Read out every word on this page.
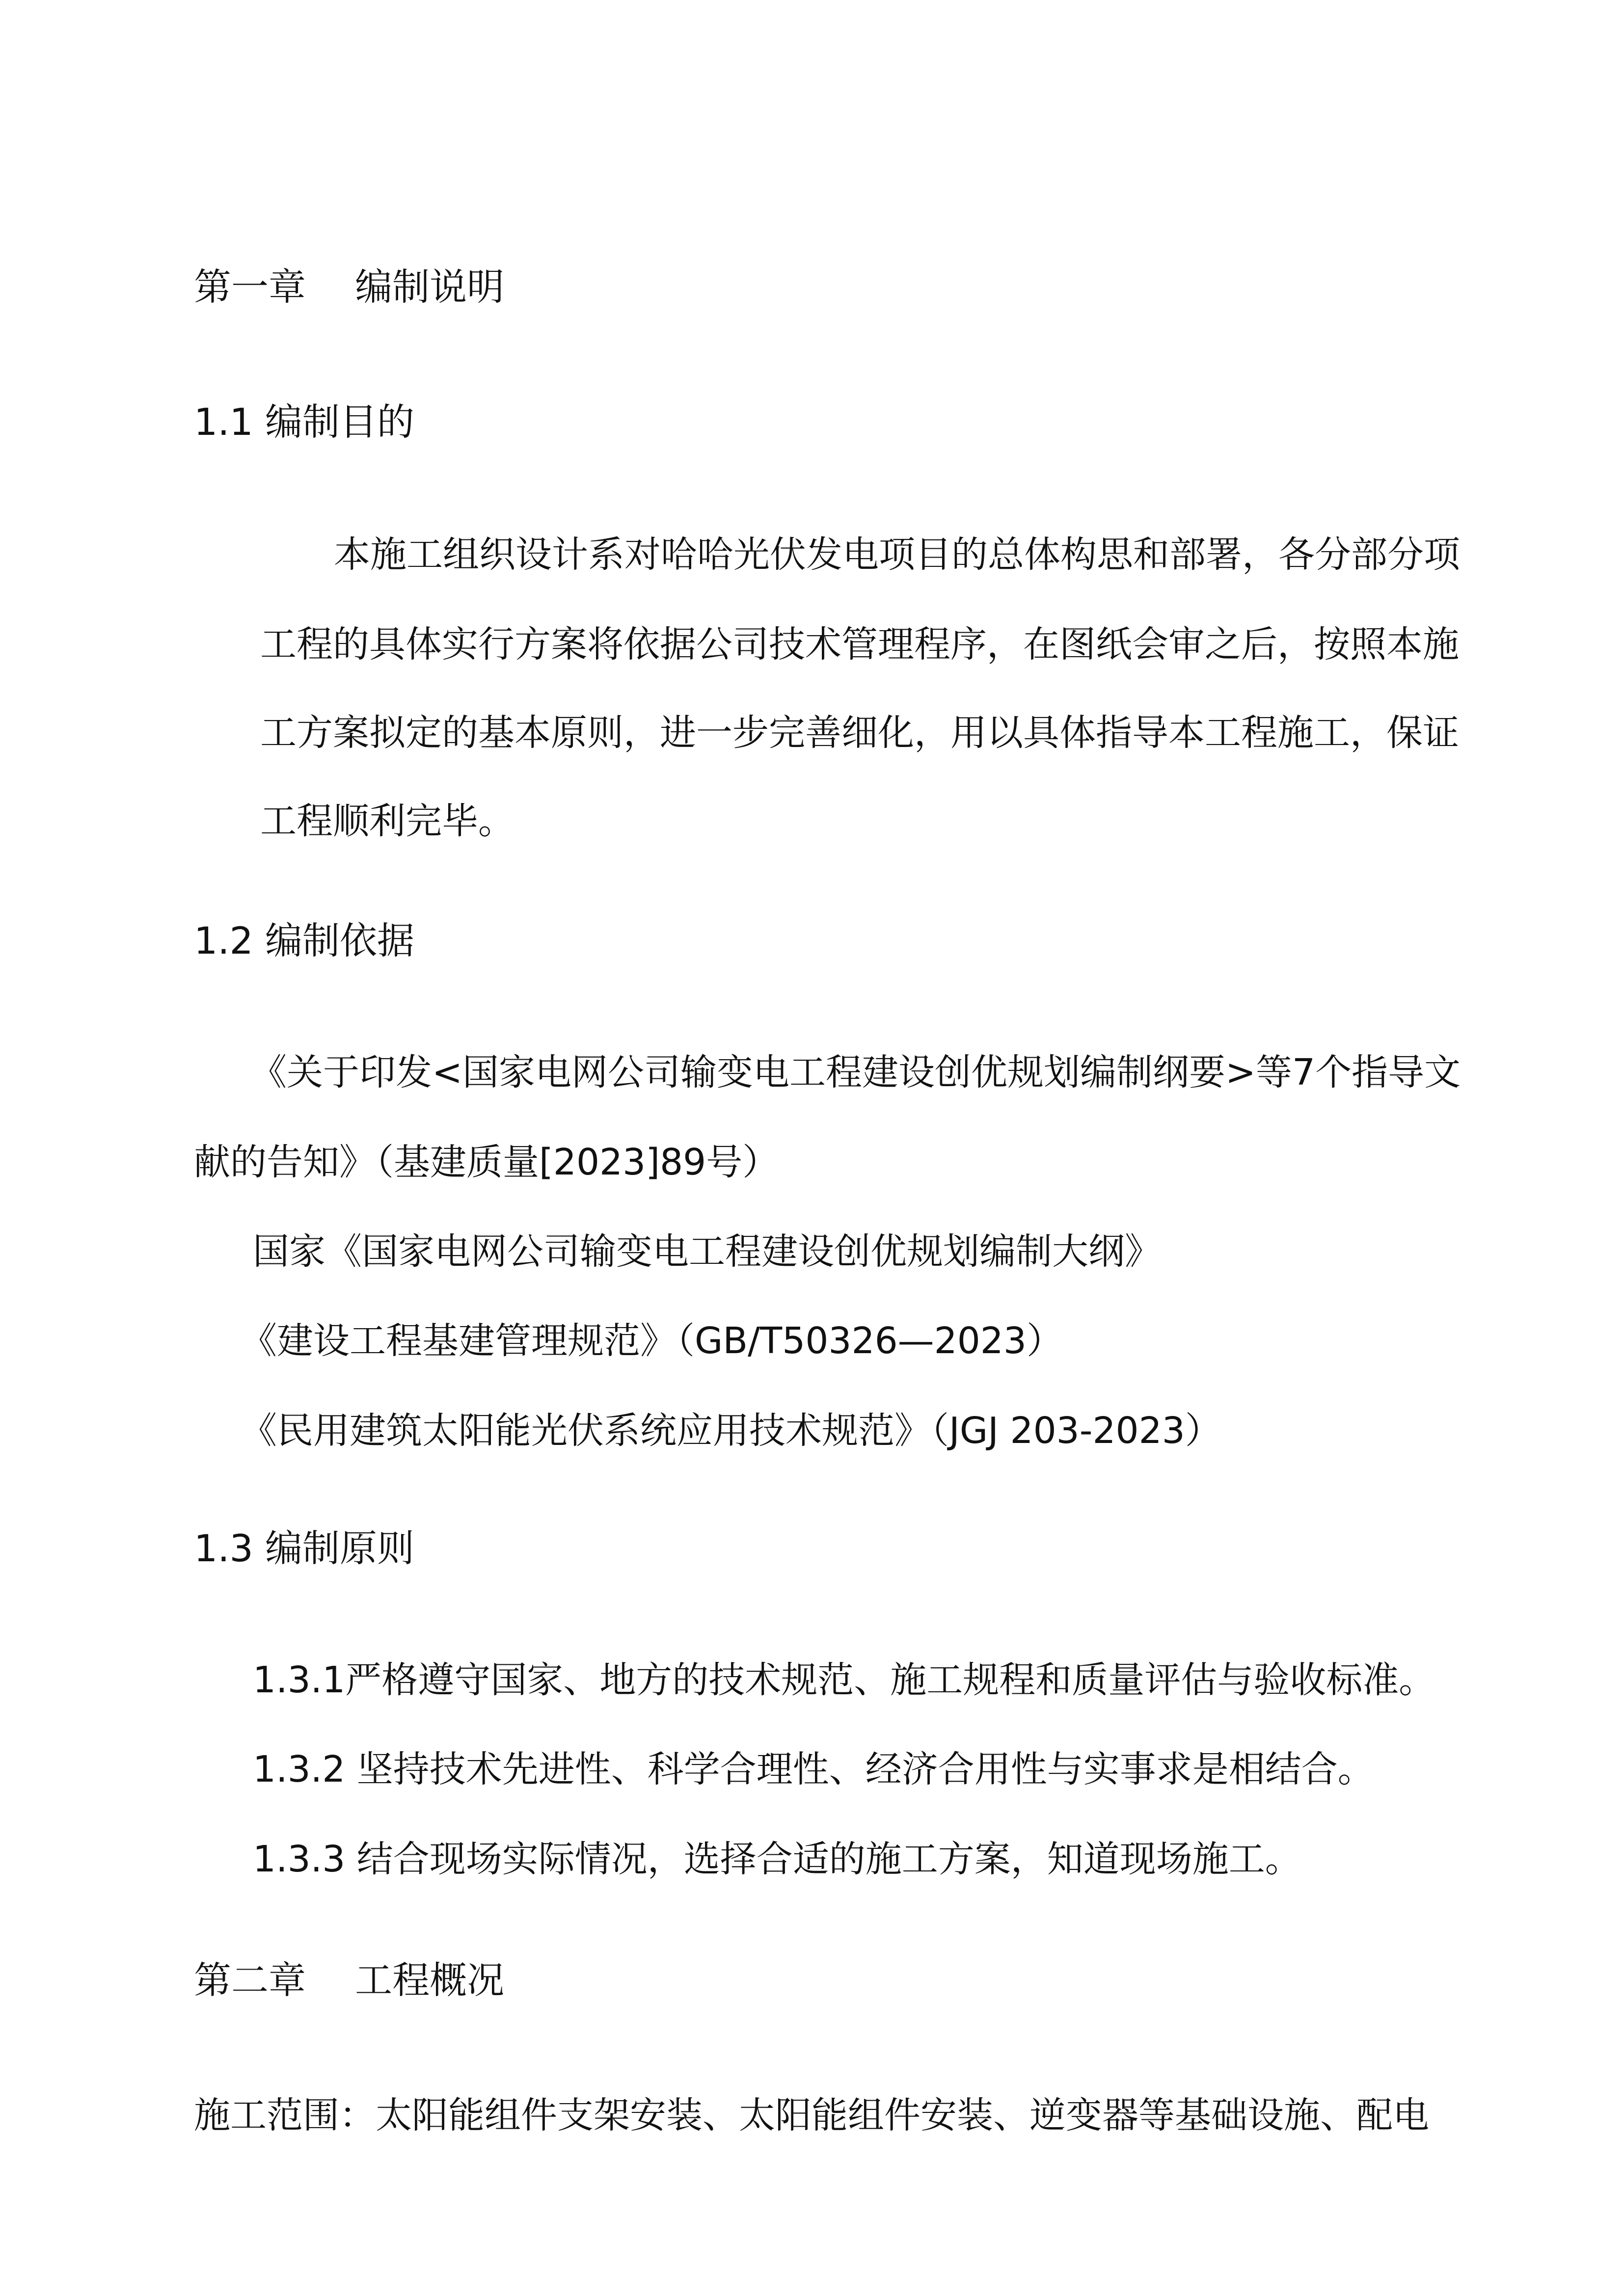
第一章　 编制说明
1.1 编制目的

本施工组织设计系对哈哈光伏发电项目的总体构思和部署，各分部分项

工程的具体实行方案将依据公司技术管理程序，在图纸会审之后，按照本施

工方案拟定的基本原则，进一步完善细化，用以具体指导本工程施工，保证

工程顺利完毕。

1.2 编制依据

《关于印发<国家电网公司输变电工程建设创优规划编制纲要>等7个指导文

献的告知》（基建质量[2023]89号）

国家《国家电网公司输变电工程建设创优规划编制大纲》

《建设工程基建管理规范》（GB/T50326—2023）

《民用建筑太阳能光伏系统应用技术规范》（JGJ 203-2023）

1.3 编制原则

1.3.1严格遵守国家、地方的技术规范、施工规程和质量评估与验收标准。

1.3.2 坚持技术先进性、科学合理性、经济合用性与实事求是相结合。

1.3.3 结合现场实际情况，选择合适的施工方案，知道现场施工。

第二章　 工程概况

施工范围：太阳能组件支架安装、太阳能组件安装、逆变器等基础设施、配电
